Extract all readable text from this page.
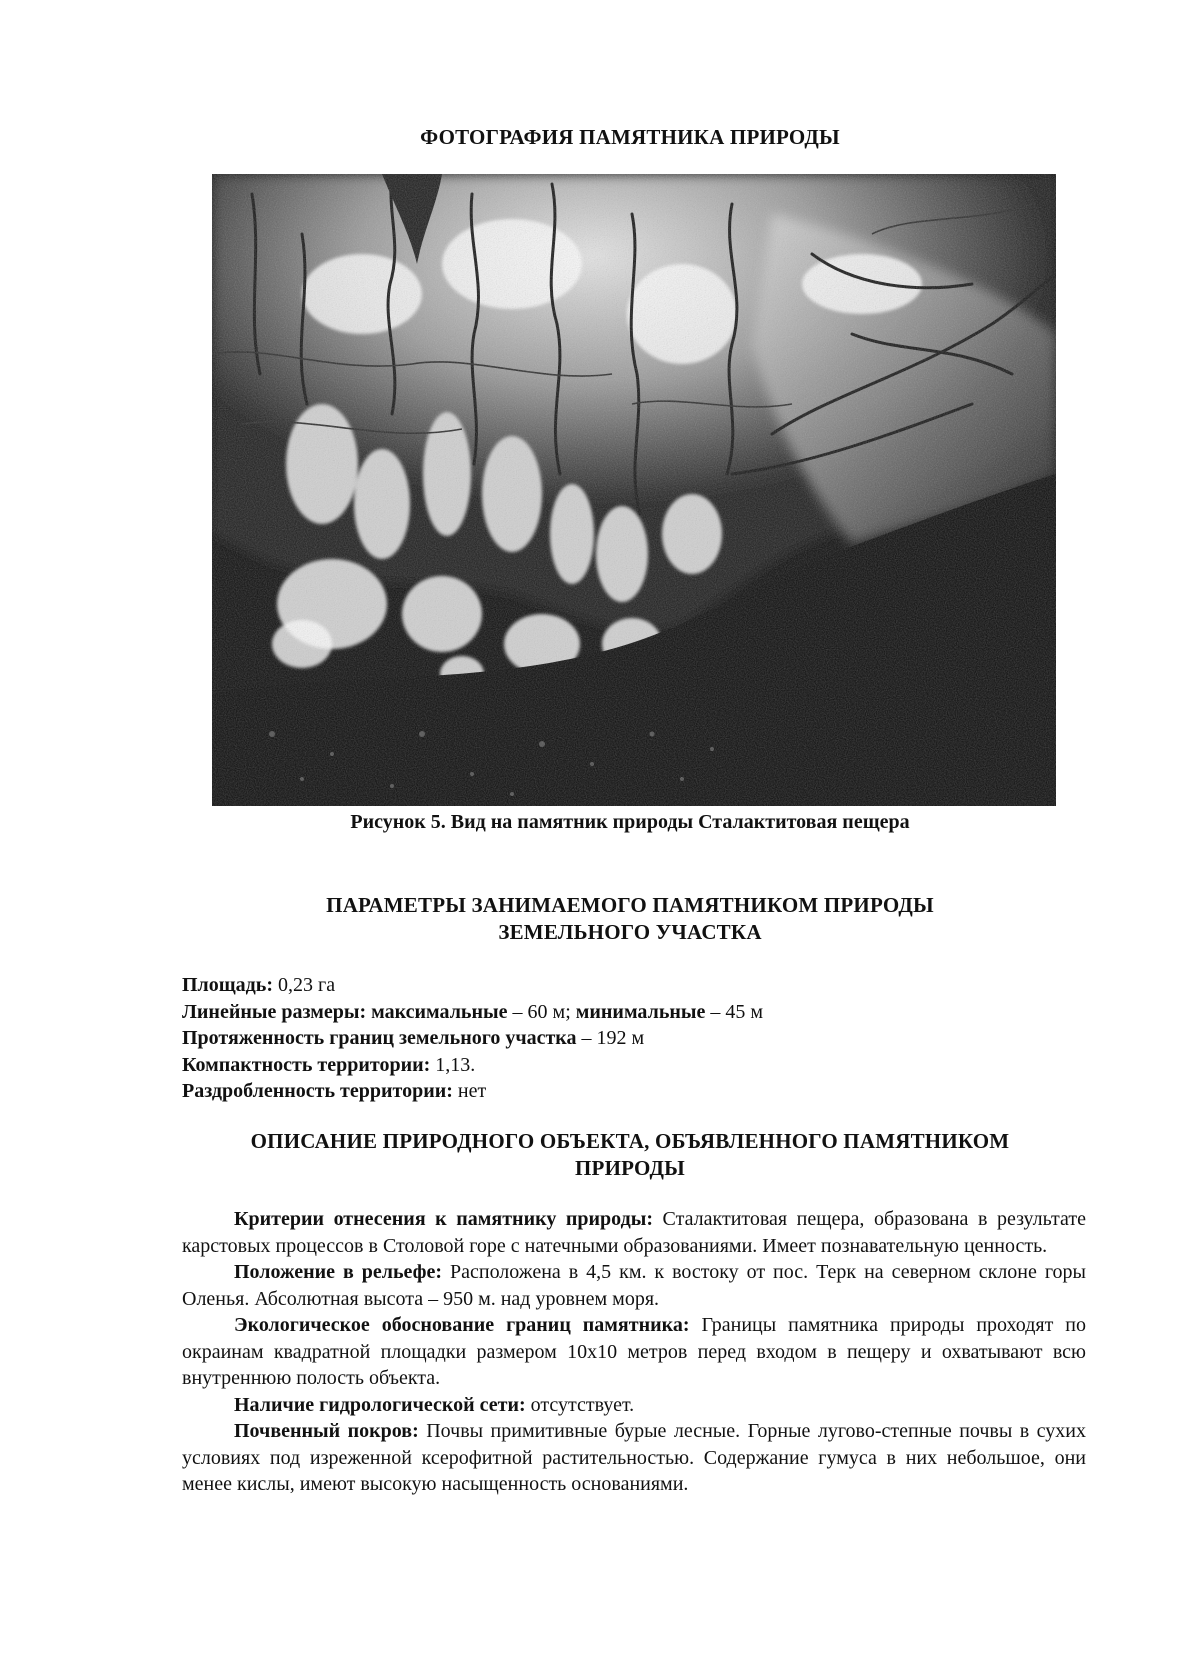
ФОТОГРАФИЯ ПАМЯТНИКА ПРИРОДЫ

Рисунок 5. Вид на памятник природы Сталактитовая пещера

ПАРАМЕТРЫ ЗАНИМАЕМОГО ПАМЯТНИКОМ ПРИРОДЫ
ЗЕМЕЛЬНОГО УЧАСТКА
Площадь: 0,23 га
Линейные размеры: максимальные – 60 м; минимальные – 45 м
Протяженность границ земельного участка – 192 м
Компактность территории: 1,13.
Раздробленность территории: нет
ОПИСАНИЕ ПРИРОДНОГО ОБЪЕКТА, ОБЪЯВЛЕННОГО ПАМЯТНИКОМ
ПРИРОДЫ

Критерии отнесения к памятнику природы: Сталактитовая пещера, образована в результате карстовых процессов в Столовой горе с натечными образованиями. Имеет познавательную ценность.

Положение в рельефе: Расположена в 4,5 км. к востоку от пос. Терк на северном склоне горы Оленья. Абсолютная высота – 950 м. над уровнем моря.

Экологическое обоснование границ памятника: Границы памятника природы проходят по окраинам квадратной площадки размером 10х10 метров перед входом в пещеру и охватывают всю внутреннюю полость объекта.

Наличие гидрологической сети: отсутствует.

Почвенный покров: Почвы примитивные бурые лесные. Горные лугово-степные почвы в сухих условиях под изреженной ксерофитной растительностью. Содержание гумуса в них небольшое, они менее кислы, имеют высокую насыщенность основаниями.
